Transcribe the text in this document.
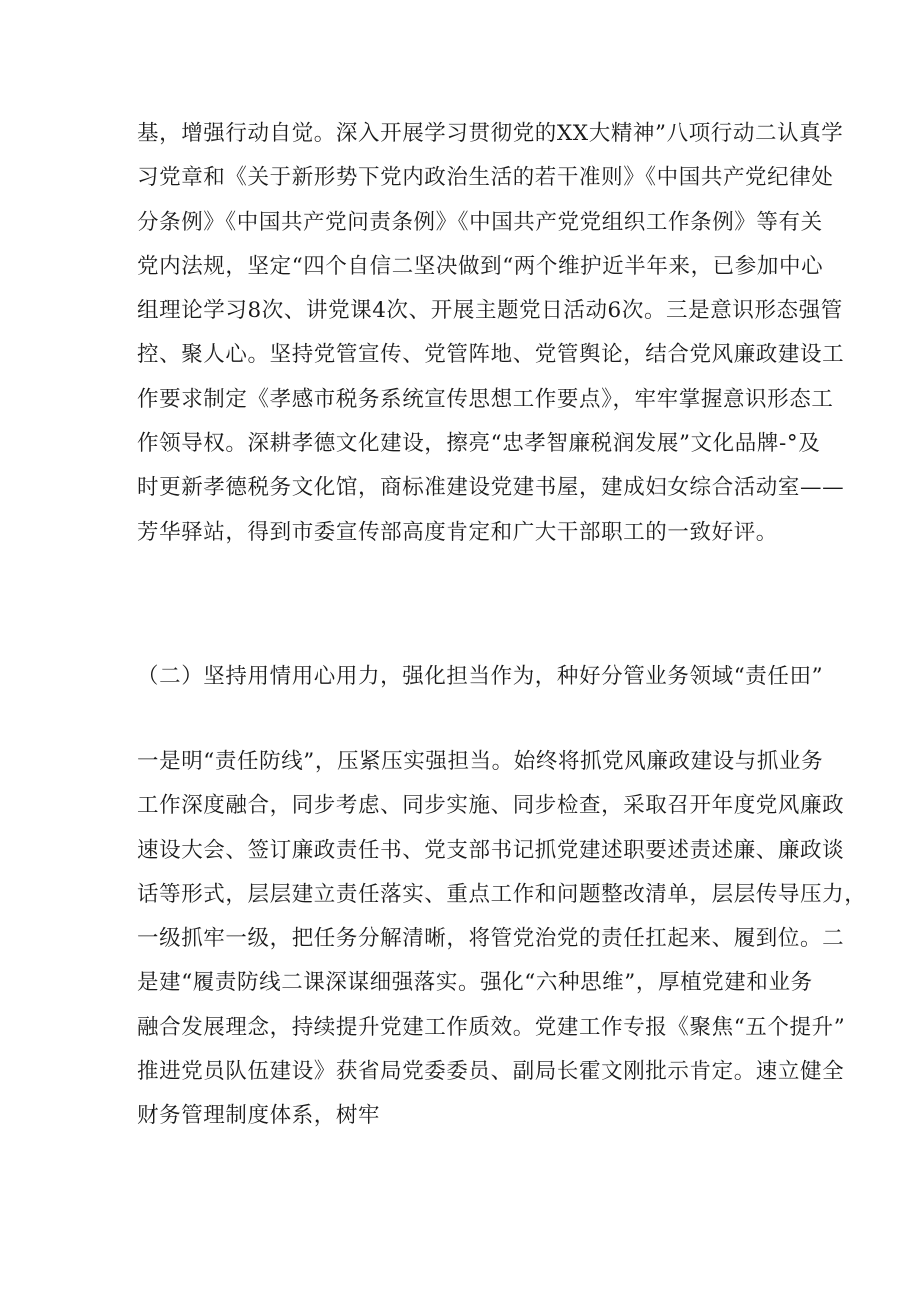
基，增强行动自觉。深入开展学习贯彻党的XX大精神”八项行动二认真学
习党章和《关于新形势下党内政治生活的若干准则》《中国共产党纪律处
分条例》《中国共产党问责条例》《中国共产党党组织工作条例》等有关
党内法规，坚定“四个自信二坚决做到“两个维护近半年来，已参加中心
组理论学习8次、讲党课4次、开展主题党日活动6次。三是意识形态强管
控、聚人心。坚持党管宣传、党管阵地、党管舆论，结合党风廉政建设工
作要求制定《孝感市税务系统宣传思想工作要点》，牢牢掌握意识形态工
作领导权。深耕孝德文化建设，擦亮“忠孝智廉税润发展”文化品牌-°及
时更新孝德税务文化馆，商标准建设党建书屋，建成妇女综合活动室——
芳华驿站，得到市委宣传部高度肯定和广大干部职工的一致好评。
（二）坚持用情用心用力，强化担当作为，种好分管业务领域“责任田”
一是明“责任防线”，压紧压实强担当。始终将抓党风廉政建设与抓业务
工作深度融合，同步考虑、同步实施、同步检查，采取召开年度党风廉政
速设大会、签订廉政责任书、党支部书记抓党建述职要述责述廉、廉政谈
话等形式，层层建立责任落实、重点工作和问题整改清单，层层传导压力，
一级抓牢一级，把任务分解清晰，将管党治党的责任扛起来、履到位。二
是建“履责防线二课深谋细强落实。强化“六种思维”，厚植党建和业务
融合发展理念，持续提升党建工作质效。党建工作专报《聚焦“五个提升”
推进党员队伍建设》获省局党委委员、副局长霍文刚批示肯定。速立健全
财务管理制度体系，树牢
